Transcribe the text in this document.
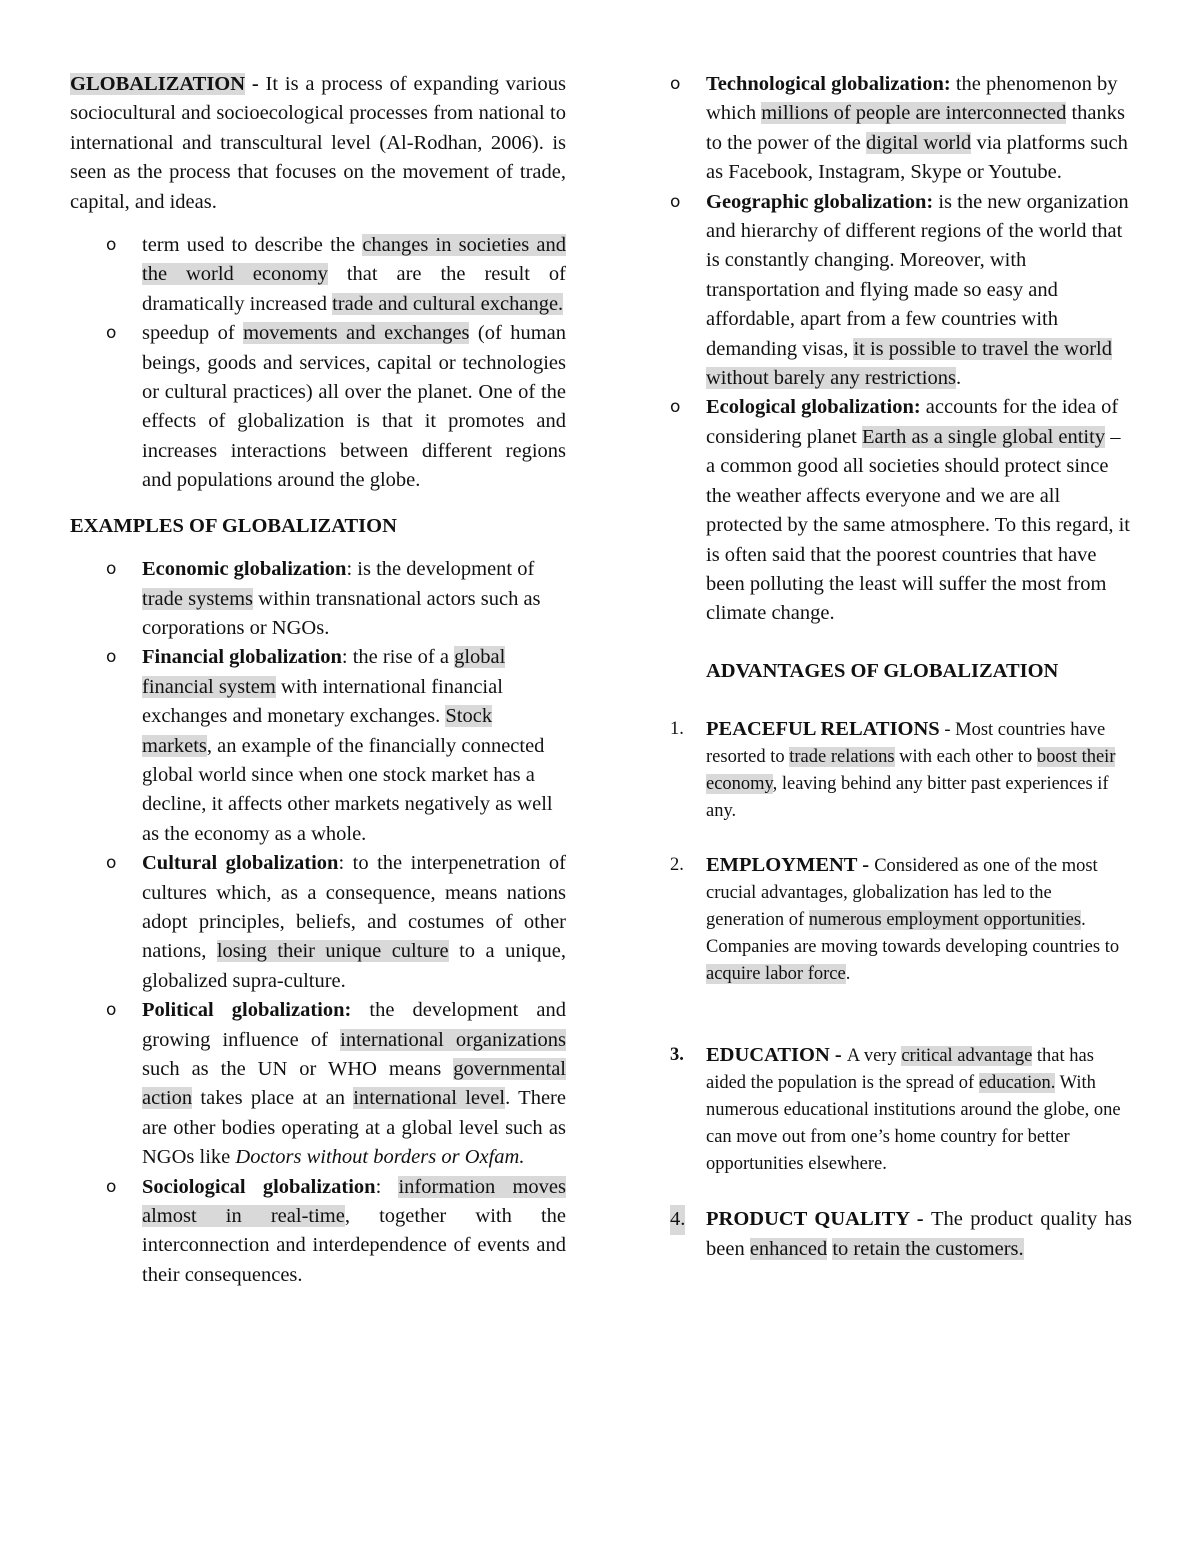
GLOBALIZATION - It is a process of expanding various sociocultural and socioecological processes from national to international and transcultural level (Al-Rodhan, 2006). is seen as the process that focuses on the movement of trade, capital, and ideas.

o term used to describe the changes in societies and the world economy that are the result of dramatically increased trade and cultural exchange.

o speedup of movements and exchanges (of human beings, goods and services, capital or technologies or cultural practices) all over the planet. One of the effects of globalization is that it promotes and increases interactions between different regions and populations around the globe.

EXAMPLES OF GLOBALIZATION

o Economic globalization: is the development of trade systems within transnational actors such as corporations or NGOs.

o Financial globalization: the rise of a global financial system with international financial exchanges and monetary exchanges. Stock markets, an example of the financially connected global world since when one stock market has a decline, it affects other markets negatively as well as the economy as a whole.

o Cultural globalization: to the interpenetration of cultures which, as a consequence, means nations adopt principles, beliefs, and costumes of other nations, losing their unique culture to a unique, globalized supra-culture.

o Political globalization: the development and growing influence of international organizations such as the UN or WHO means governmental action takes place at an international level. There are other bodies operating at a global level such as NGOs like Doctors without borders or Oxfam.

o Sociological globalization: information moves almost in real-time, together with the interconnection and interdependence of events and their consequences.

o Technological globalization: the phenomenon by which millions of people are interconnected thanks to the power of the digital world via platforms such as Facebook, Instagram, Skype or Youtube.

o Geographic globalization: is the new organization and hierarchy of different regions of the world that is constantly changing. Moreover, with transportation and flying made so easy and affordable, apart from a few countries with demanding visas, it is possible to travel the world without barely any restrictions.

o Ecological globalization: accounts for the idea of considering planet Earth as a single global entity – a common good all societies should protect since the weather affects everyone and we are all protected by the same atmosphere. To this regard, it is often said that the poorest countries that have been polluting the least will suffer the most from climate change.

ADVANTAGES OF GLOBALIZATION

1. PEACEFUL RELATIONS - Most countries have resorted to trade relations with each other to boost their economy, leaving behind any bitter past experiences if any.

2. EMPLOYMENT - Considered as one of the most crucial advantages, globalization has led to the generation of numerous employment opportunities. Companies are moving towards developing countries to acquire labor force.

3. EDUCATION - A very critical advantage that has aided the population is the spread of education. With numerous educational institutions around the globe, one can move out from one’s home country for better opportunities elsewhere.

4. PRODUCT QUALITY - The product quality has been enhanced to retain the customers.
